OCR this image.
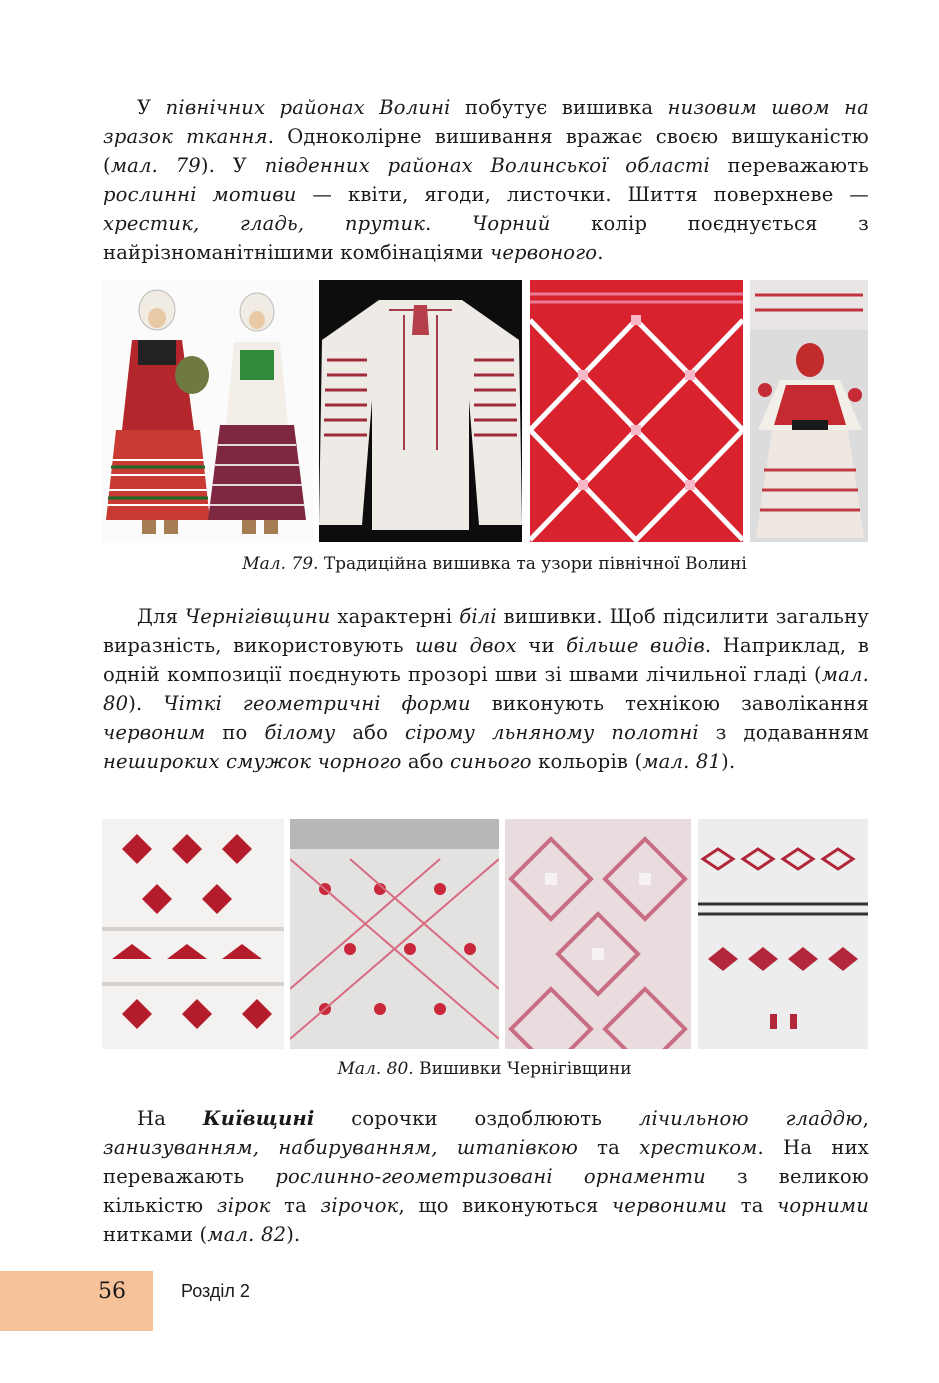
У північних районах Волині побутує вишивка низовим швом на зразок ткання. Одноколірне вишивання вражає своєю вишуканістю (мал. 79). У південних районах Волинської області переважають рослинні мотиви — квіти, ягоди, листочки. Шиття поверхневе — хрестик, гладь, прутик. Чорний колір поєднується з найрізноманітнішими комбінаціями червоного.

Мал. 79. Традиційна вишивка та узори північної Волині

Для Чернігівщини характерні білі вишивки. Щоб підсилити загальну виразність, використовують шви двох чи більше видів. Наприклад, в одній композиції поєднують прозорі шви зі швами лічильної гладі (мал. 80). Чіткі геометричні форми виконують технікою заволікання червоним по білому або сірому льняному полотні з додаванням нешироких смужок чорного або синього кольорів (мал. 81).

Мал. 80. Вишивки Чернігівщини

На Київщині сорочки оздоблюють лічильною гладдю, занизуванням, набируванням, штапівкою та хрестиком. На них переважають рослинно-геометризовані орнаменти з великою кількістю зірок та зірочок, що виконуються червоними та чорними нитками (мал. 82).

56	Розділ 2
